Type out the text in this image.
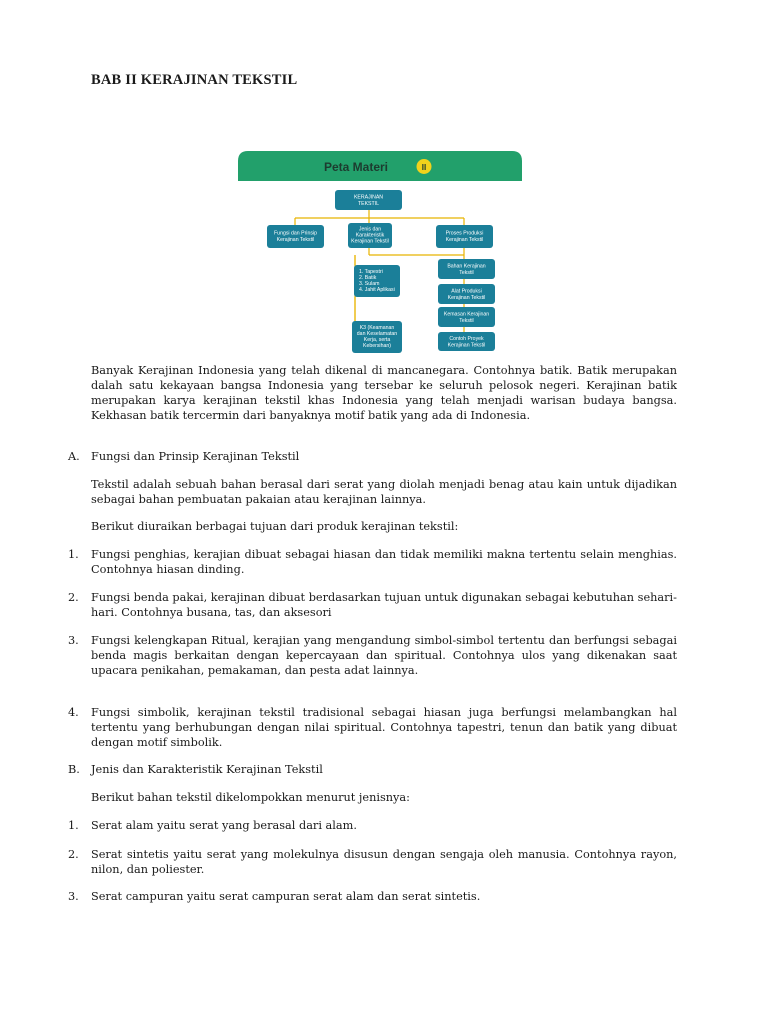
BAB II KERAJINAN TEKSTIL
Peta Materi	II
KERAJINAN
TEKSTIL
Fungsi dan Prinsip
Kerajinan Tekstil
Jenis dan
Karakteristik
Kerajinan Tekstil
Proses Produksi
Kerajinan Tekstil
1. Tapestri
2. Batik
3. Sulam
4. Jahit Aplikasi
K3 (Keamanan
dan Keselamatan
Kerja, serta
Kebersihan)
Bahan Kerajinan
Tekstil
Alat Produksi
Kerajinan Tekstil
Kemasan Kerajinan
Tekstil
Contoh Proyek
Kerajinan Tekstil
Banyak Kerajinan Indonesia yang telah dikenal di mancanegara. Contohnya batik. Batik merupakan dalah satu kekayaan bangsa Indonesia yang tersebar ke seluruh pelosok negeri. Kerajinan batik merupakan karya kerajinan tekstil khas Indonesia yang telah menjadi warisan budaya bangsa. Kekhasan batik tercermin dari banyaknya motif batik yang ada di Indonesia.
A. Fungsi dan Prinsip Kerajinan Tekstil
Tekstil adalah sebuah bahan berasal dari serat yang diolah menjadi benag atau kain untuk dijadikan sebagai bahan pembuatan pakaian atau kerajinan lainnya.
Berikut diuraikan berbagai tujuan dari produk kerajinan tekstil:
1. Fungsi penghias, kerajian dibuat sebagai hiasan dan tidak memiliki makna tertentu selain menghias. Contohnya hiasan dinding.
2. Fungsi benda pakai, kerajinan dibuat berdasarkan tujuan untuk digunakan sebagai kebutuhan sehari-hari. Contohnya busana, tas, dan aksesori
3. Fungsi kelengkapan Ritual, kerajian yang mengandung simbol-simbol tertentu dan berfungsi sebagai benda magis berkaitan dengan kepercayaan dan spiritual. Contohnya ulos yang dikenakan saat upacara penikahan, pemakaman, dan pesta adat lainnya.
4. Fungsi simbolik, kerajinan tekstil tradisional sebagai hiasan juga berfungsi melambangkan hal tertentu yang berhubungan dengan nilai spiritual. Contohnya tapestri, tenun dan batik yang dibuat dengan motif simbolik.
B. Jenis dan Karakteristik Kerajinan Tekstil
Berikut bahan tekstil dikelompokkan menurut jenisnya:
1. Serat alam yaitu serat yang berasal dari alam.
2. Serat sintetis yaitu serat yang molekulnya disusun dengan sengaja oleh manusia. Contohnya rayon, nilon, dan poliester.
3. Serat campuran yaitu serat campuran serat alam dan serat sintetis.
